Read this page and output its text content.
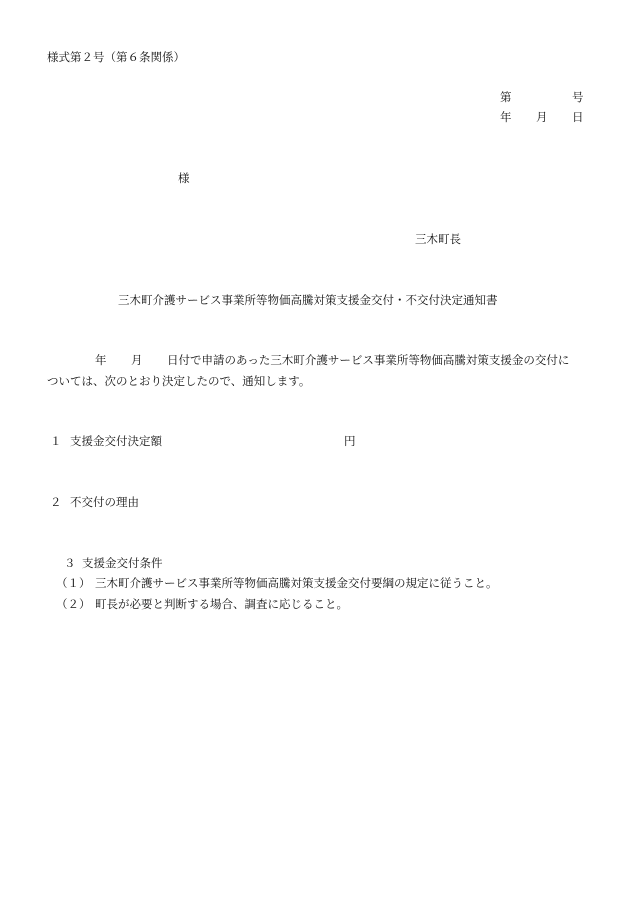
様式第２号（第６条関係）
第	号
年 月 日
様
三木町長
三木町介護サービス事業所等物価高騰対策支援金交付・不交付決定通知書
年 月 日付で申請のあった三木町介護サービス事業所等物価高騰対策支援金の交付に
ついては、次のとおり決定したので、通知します。
１ 支援金交付決定額	円
２ 不交付の理由
３ 支援金交付条件
（１） 三木町介護サービス事業所等物価高騰対策支援金交付要綱の規定に従うこと。
（２） 町長が必要と判断する場合、調査に応じること。
